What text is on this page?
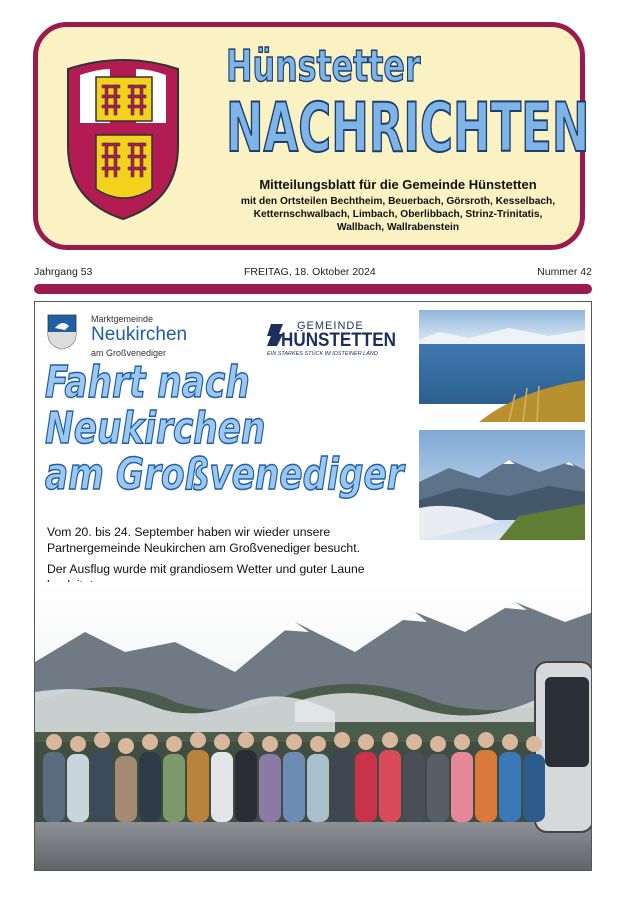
Hünstetter
NACHRICHTEN
Mitteilungsblatt für die Gemeinde Hünstetten
mit den Ortsteilen Bechtheim, Beuerbach, Görsroth, Kesselbach,
Ketternschwalbach, Limbach, Oberlibbach, Strinz-Trinitatis,
Wallbach, Wallrabenstein
Jahrgang 53	FREITAG, 18. Oktober 2024	Nummer 42
Marktgemeinde
Neukirchen
am Großvenediger
GEMEINDE
HÜNSTETTEN
EIN STARKES STÜCK IM IDSTEINER LAND
Fahrt nach
Neukirchen
am Großvenediger

Vom 20. bis 24. September haben wir wieder unsere Partnergemeinde Neukirchen am Großvenediger besucht.

Der Ausflug wurde mit grandiosem Wetter und guter Laune
